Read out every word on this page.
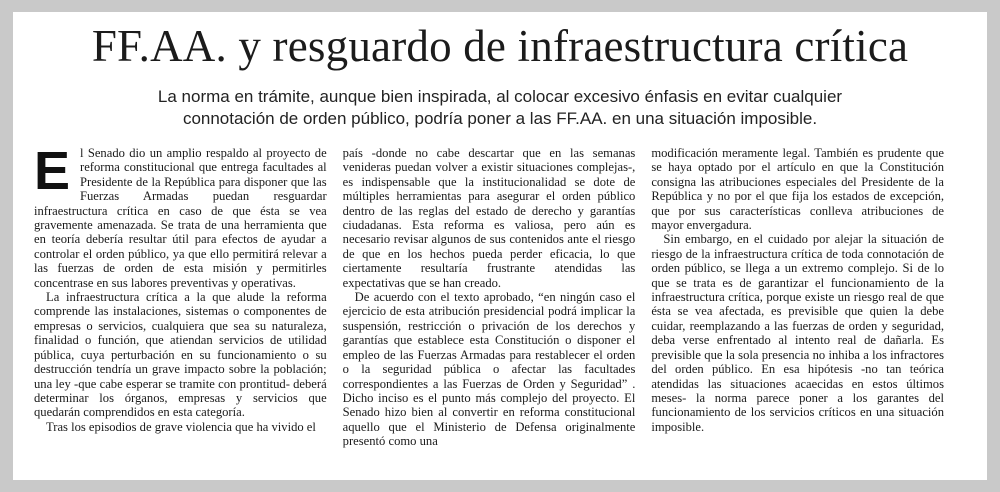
FF.AA. y resguardo de infraestructura crítica
La norma en trámite, aunque bien inspirada, al colocar excesivo énfasis en evitar cualquier connotación de orden público, podría poner a las FF.AA. en una situación imposible.

El Senado dio un amplio respaldo al proyecto de reforma constitucional que entrega facultades al Presidente de la República para disponer que las Fuerzas Armadas puedan resguardar infraestructura crítica en caso de que ésta se vea gravemente amenazada. Se trata de una herramienta que en teoría debería resultar útil para efectos de ayudar a controlar el orden público, ya que ello permitirá relevar a las fuerzas de orden de esta misión y permitirles concentrase en sus labores preventivas y operativas.

La infraestructura crítica a la que alude la reforma comprende las instalaciones, sistemas o componentes de empresas o servicios, cualquiera que sea su naturaleza, finalidad o función, que atiendan servicios de utilidad pública, cuya perturbación en su funcionamiento o su destrucción tendría un grave impacto sobre la población; una ley -que cabe esperar se tramite con prontitud- deberá determinar los órganos, empresas y servicios que quedarán comprendidos en esta categoría.

Tras los episodios de grave violencia que ha vivido el

país -donde no cabe descartar que en las semanas venideras puedan volver a existir situaciones complejas-, es indispensable que la institucionalidad se dote de múltiples herramientas para asegurar el orden público dentro de las reglas del estado de derecho y garantías ciudadanas. Esta reforma es valiosa, pero aún es necesario revisar algunos de sus contenidos ante el riesgo de que en los hechos pueda perder eficacia, lo que ciertamente resultaría frustrante atendidas las expectativas que se han creado.

De acuerdo con el texto aprobado, “en ningún caso el ejercicio de esta atribución presidencial podrá implicar la suspensión, restricción o privación de los derechos y garantías que establece esta Constitución o disponer el empleo de las Fuerzas Armadas para restablecer el orden o la seguridad pública o afectar las facultades correspondientes a las Fuerzas de Orden y Seguridad” . Dicho inciso es el punto más complejo del proyecto. El Senado hizo bien al convertir en reforma constitucional aquello que el Ministerio de Defensa originalmente presentó como una

modificación meramente legal. También es prudente que se haya optado por el artículo en que la Constitución consigna las atribuciones especiales del Presidente de la República y no por el que fija los estados de excepción, que por sus características conlleva atribuciones de mayor envergadura.

Sin embargo, en el cuidado por alejar la situación de riesgo de la infraestructura crítica de toda connotación de orden público, se llega a un extremo complejo. Si de lo que se trata es de garantizar el funcionamiento de la infraestructura crítica, porque existe un riesgo real de que ésta se vea afectada, es previsible que quien la debe cuidar, reemplazando a las fuerzas de orden y seguridad, deba verse enfrentado al intento real de dañarla. Es previsible que la sola presencia no inhiba a los infractores del orden público. En esa hipótesis -no tan teórica atendidas las situaciones acaecidas en estos últimos meses- la norma parece poner a los garantes del funcionamiento de los servicios críticos en una situación imposible.
